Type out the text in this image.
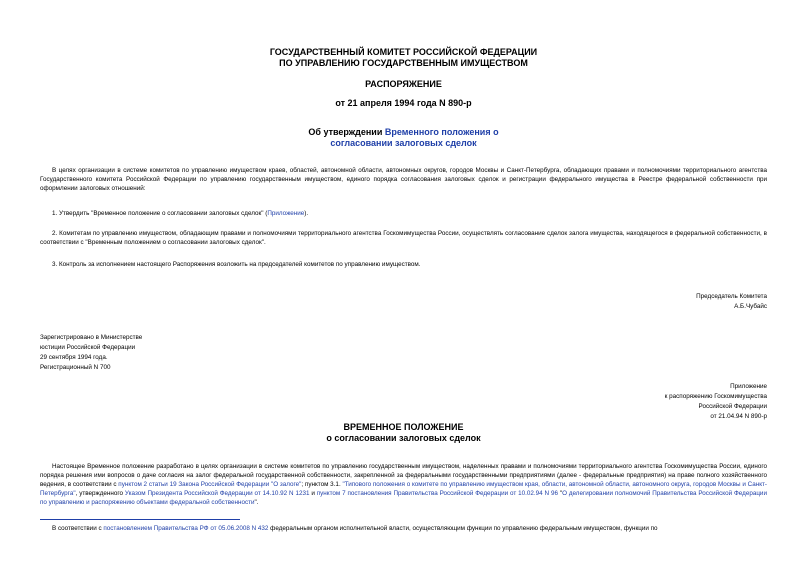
ГОСУДАРСТВЕННЫЙ КОМИТЕТ РОССИЙСКОЙ ФЕДЕРАЦИИ
ПО УПРАВЛЕНИЮ ГОСУДАРСТВЕННЫМ ИМУЩЕСТВОМ
РАСПОРЯЖЕНИЕ
от 21 апреля 1994 года N 890-р
Об утверждении Временного положения о
согласовании залоговых сделок
В целях организации в системе комитетов по управлению имуществом краев, областей, автономной области, автономных округов, городов Москвы и Санкт-Петербурга, обладающих правами и полномочиями территориального агентства Государственного комитета Российской Федерации по управлению государственным имуществом, единого порядка согласования залоговых сделок и регистрации федерального имущества в Реестре федеральной собственности при оформлении залоговых отношений:
1. Утвердить "Временное положение о согласовании залоговых сделок" (Приложение).
2. Комитетам по управлению имуществом, обладающим правами и полномочиями территориального агентства Госкомимущества России, осуществлять согласование сделок залога имущества, находящегося в федеральной собственности, в соответствии с "Временным положением о согласовании залоговых сделок".
3. Контроль за исполнением настоящего Распоряжения возложить на председателей комитетов по управлению имуществом.
Председатель Комитета
А.Б.Чубайс
Зарегистрировано в Министерстве
юстиции Российской Федерации
29 сентября 1994 года.
Регистрационный N 700
Приложение
к распоряжению Госкомимущества
Российской Федерации
от 21.04.94 N 890-р
ВРЕМЕННОЕ ПОЛОЖЕНИЕ
о согласовании залоговых сделок
Настоящее Временное положение разработано в целях организации в системе комитетов по управлению государственным имуществом, наделенных правами и полномочиями территориального агентства Госкомимущества России, единого порядка решения ими вопросов о даче согласия на залог федеральной государственной собственности, закрепленной за федеральными государственными предприятиями (далее - федеральные предприятия) на праве полного хозяйственного ведения, в соответствии с пунктом 2 статьи 19 Закона Российской Федерации "О залоге"; пунктом 3.1. "Типового положения о комитете по управлению имуществом края, области, автономной области, автономного округа, городов Москвы и Санкт-Петербурга", утвержденного Указом Президента Российской Федерации от 14.10.92 N 1231 и пунктом 7 постановления Правительства Российской Федерации от 10.02.94 N 96 "О делегировании полномочий Правительства Российской Федерации по управлению и распоряжению объектами федеральной собственности".
В соответствии с постановлением Правительства РФ от 05.06.2008 N 432 федеральным органом исполнительной власти, осуществляющим функции по управлению федеральным имуществом, функции по
